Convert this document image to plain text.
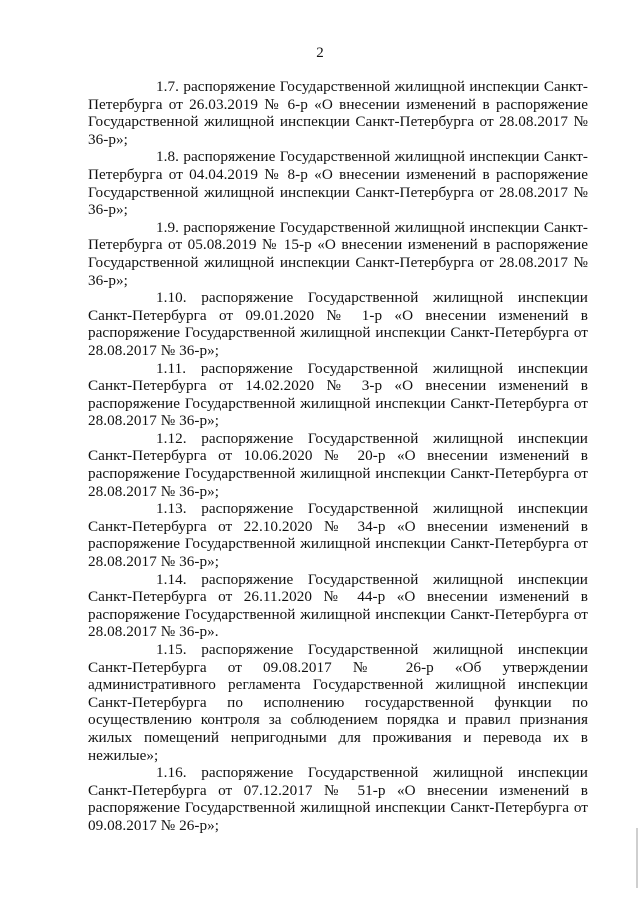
2

1.7. распоряжение Государственной жилищной инспекции Санкт-Петербурга от 26.03.2019 № 6-р «О внесении изменений в распоряжение Государственной жилищной инспекции Санкт-Петербурга от 28.08.2017 № 36-р»;

1.8. распоряжение Государственной жилищной инспекции Санкт-Петербурга от 04.04.2019 № 8-р «О внесении изменений в распоряжение Государственной жилищной инспекции Санкт-Петербурга от 28.08.2017 № 36-р»;

1.9. распоряжение Государственной жилищной инспекции Санкт-Петербурга от 05.08.2019 № 15-р «О внесении изменений в распоряжение Государственной жилищной инспекции Санкт-Петербурга от 28.08.2017 № 36-р»;

1.10. распоряжение Государственной жилищной инспекции Санкт-Петербурга от 09.01.2020 № 1-р «О внесении изменений в распоряжение Государственной жилищной инспекции Санкт-Петербурга от 28.08.2017 № 36-р»;

1.11. распоряжение Государственной жилищной инспекции Санкт-Петербурга от 14.02.2020 № 3-р «О внесении изменений в распоряжение Государственной жилищной инспекции Санкт-Петербурга от 28.08.2017 № 36-р»;

1.12. распоряжение Государственной жилищной инспекции Санкт-Петербурга от 10.06.2020 № 20-р «О внесении изменений в распоряжение Государственной жилищной инспекции Санкт-Петербурга от 28.08.2017 № 36-р»;

1.13. распоряжение Государственной жилищной инспекции Санкт-Петербурга от 22.10.2020 № 34-р «О внесении изменений в распоряжение Государственной жилищной инспекции Санкт-Петербурга от 28.08.2017 № 36-р»;

1.14. распоряжение Государственной жилищной инспекции Санкт-Петербурга от 26.11.2020 № 44-р «О внесении изменений в распоряжение Государственной жилищной инспекции Санкт-Петербурга от 28.08.2017 № 36-р».

1.15. распоряжение Государственной жилищной инспекции Санкт-Петербурга от 09.08.2017 № 26-р «Об утверждении административного регламента Государственной жилищной инспекции Санкт-Петербурга по исполнению государственной функции по осуществлению контроля за соблюдением порядка и правил признания жилых помещений непригодными для проживания и перевода их в нежилые»;

1.16. распоряжение Государственной жилищной инспекции Санкт-Петербурга от 07.12.2017 № 51-р «О внесении изменений в распоряжение Государственной жилищной инспекции Санкт-Петербурга от 09.08.2017 № 26-р»;
